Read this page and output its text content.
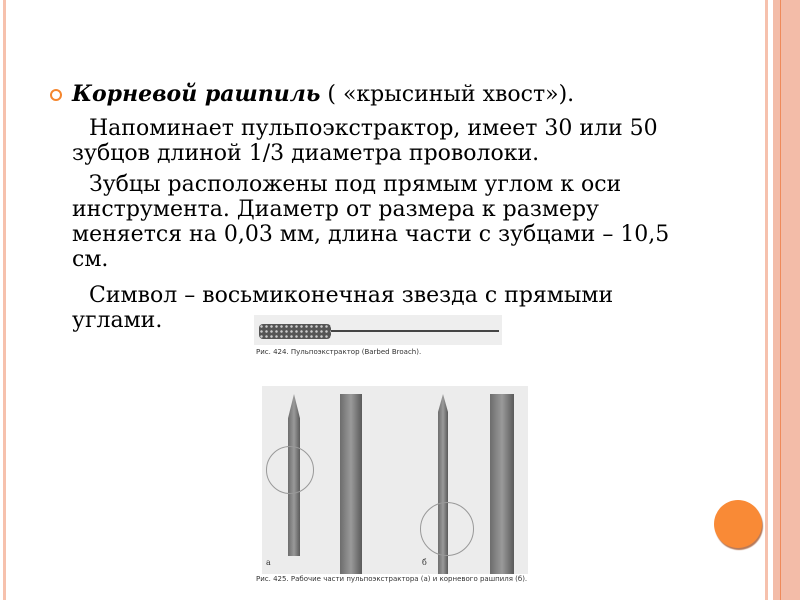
Корневой рашпиль ( «крысиный хвост»).

Напоминает пульпоэкстрактор, имеет 30 или 50 зубцов длиной 1/3 диаметра проволоки.

Зубцы расположены под прямым углом к оси инструмента. Диаметр от размера к размеру меняется на 0,03 мм, длина части с зубцами – 10,5 см.

Символ – восьмиконечная звезда с прямыми углами.

Рис. 424. Пульпоэкстрактор (Barbed Broach).
а	б
Рис. 425. Рабочие части пульпоэкстрактора (а) и корневого рашпиля (б).
